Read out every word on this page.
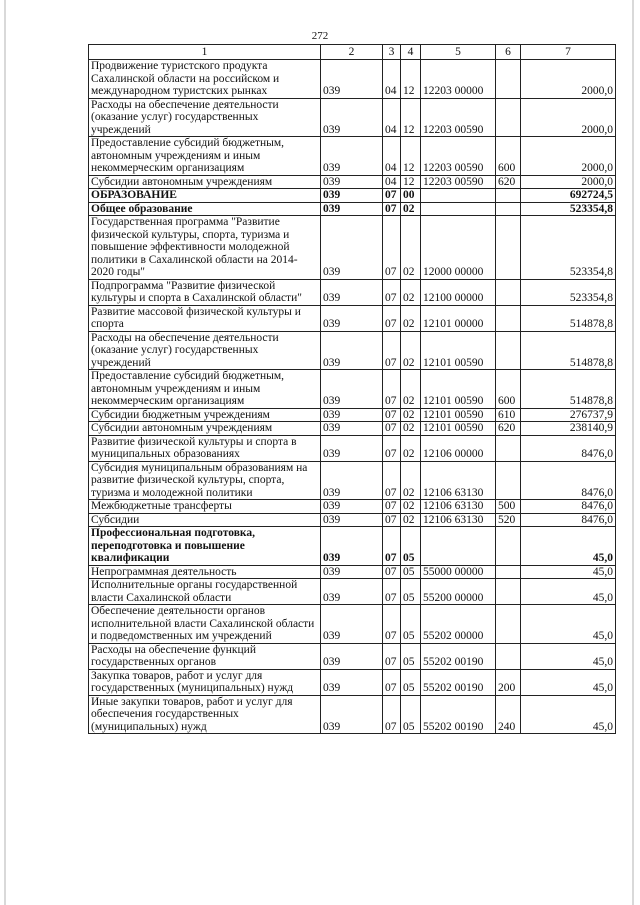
272
1	2	3	4	5	6	7
Продвижение туристского продукта Сахалинской области на российском и международном туристских рынках	039	04	12	12203 00000		2000,0
Расходы на обеспечение деятельности (оказание услуг) государственных учреждений	039	04	12	12203 00590		2000,0
Предоставление субсидий бюджетным, автономным учреждениям и иным некоммерческим организациям	039	04	12	12203 00590	600	2000,0
Субсидии автономным учреждениям	039	04	12	12203 00590	620	2000,0
ОБРАЗОВАНИЕ	039	07	00			692724,5
Общее образование	039	07	02			523354,8
Государственная программа "Развитие физической культуры, спорта, туризма и повышение эффективности молодежной политики в Сахалинской области на 2014-2020 годы"	039	07	02	12000 00000		523354,8
Подпрограмма "Развитие физической культуры и спорта в Сахалинской области"	039	07	02	12100 00000		523354,8
Развитие массовой физической культуры и спорта	039	07	02	12101 00000		514878,8
Расходы на обеспечение деятельности (оказание услуг) государственных учреждений	039	07	02	12101 00590		514878,8
Предоставление субсидий бюджетным, автономным учреждениям и иным некоммерческим организациям	039	07	02	12101 00590	600	514878,8
Субсидии бюджетным учреждениям	039	07	02	12101 00590	610	276737,9
Субсидии автономным учреждениям	039	07	02	12101 00590	620	238140,9
Развитие физической культуры и спорта в муниципальных образованиях	039	07	02	12106 00000		8476,0
Субсидия муниципальным образованиям на развитие физической культуры, спорта, туризма и молодежной политики	039	07	02	12106 63130		8476,0
Межбюджетные трансферты	039	07	02	12106 63130	500	8476,0
Субсидии	039	07	02	12106 63130	520	8476,0
Профессиональная подготовка, переподготовка и повышение квалификации	039	07	05			45,0
Непрограммная деятельность	039	07	05	55000 00000		45,0
Исполнительные органы государственной власти Сахалинской области	039	07	05	55200 00000		45,0
Обеспечение деятельности органов исполнительной власти Сахалинской области и подведомственных им учреждений	039	07	05	55202 00000		45,0
Расходы на обеспечение функций государственных органов	039	07	05	55202 00190		45,0
Закупка товаров, работ и услуг для государственных (муниципальных) нужд	039	07	05	55202 00190	200	45,0
Иные закупки товаров, работ и услуг для обеспечения государственных (муниципальных) нужд	039	07	05	55202 00190	240	45,0
